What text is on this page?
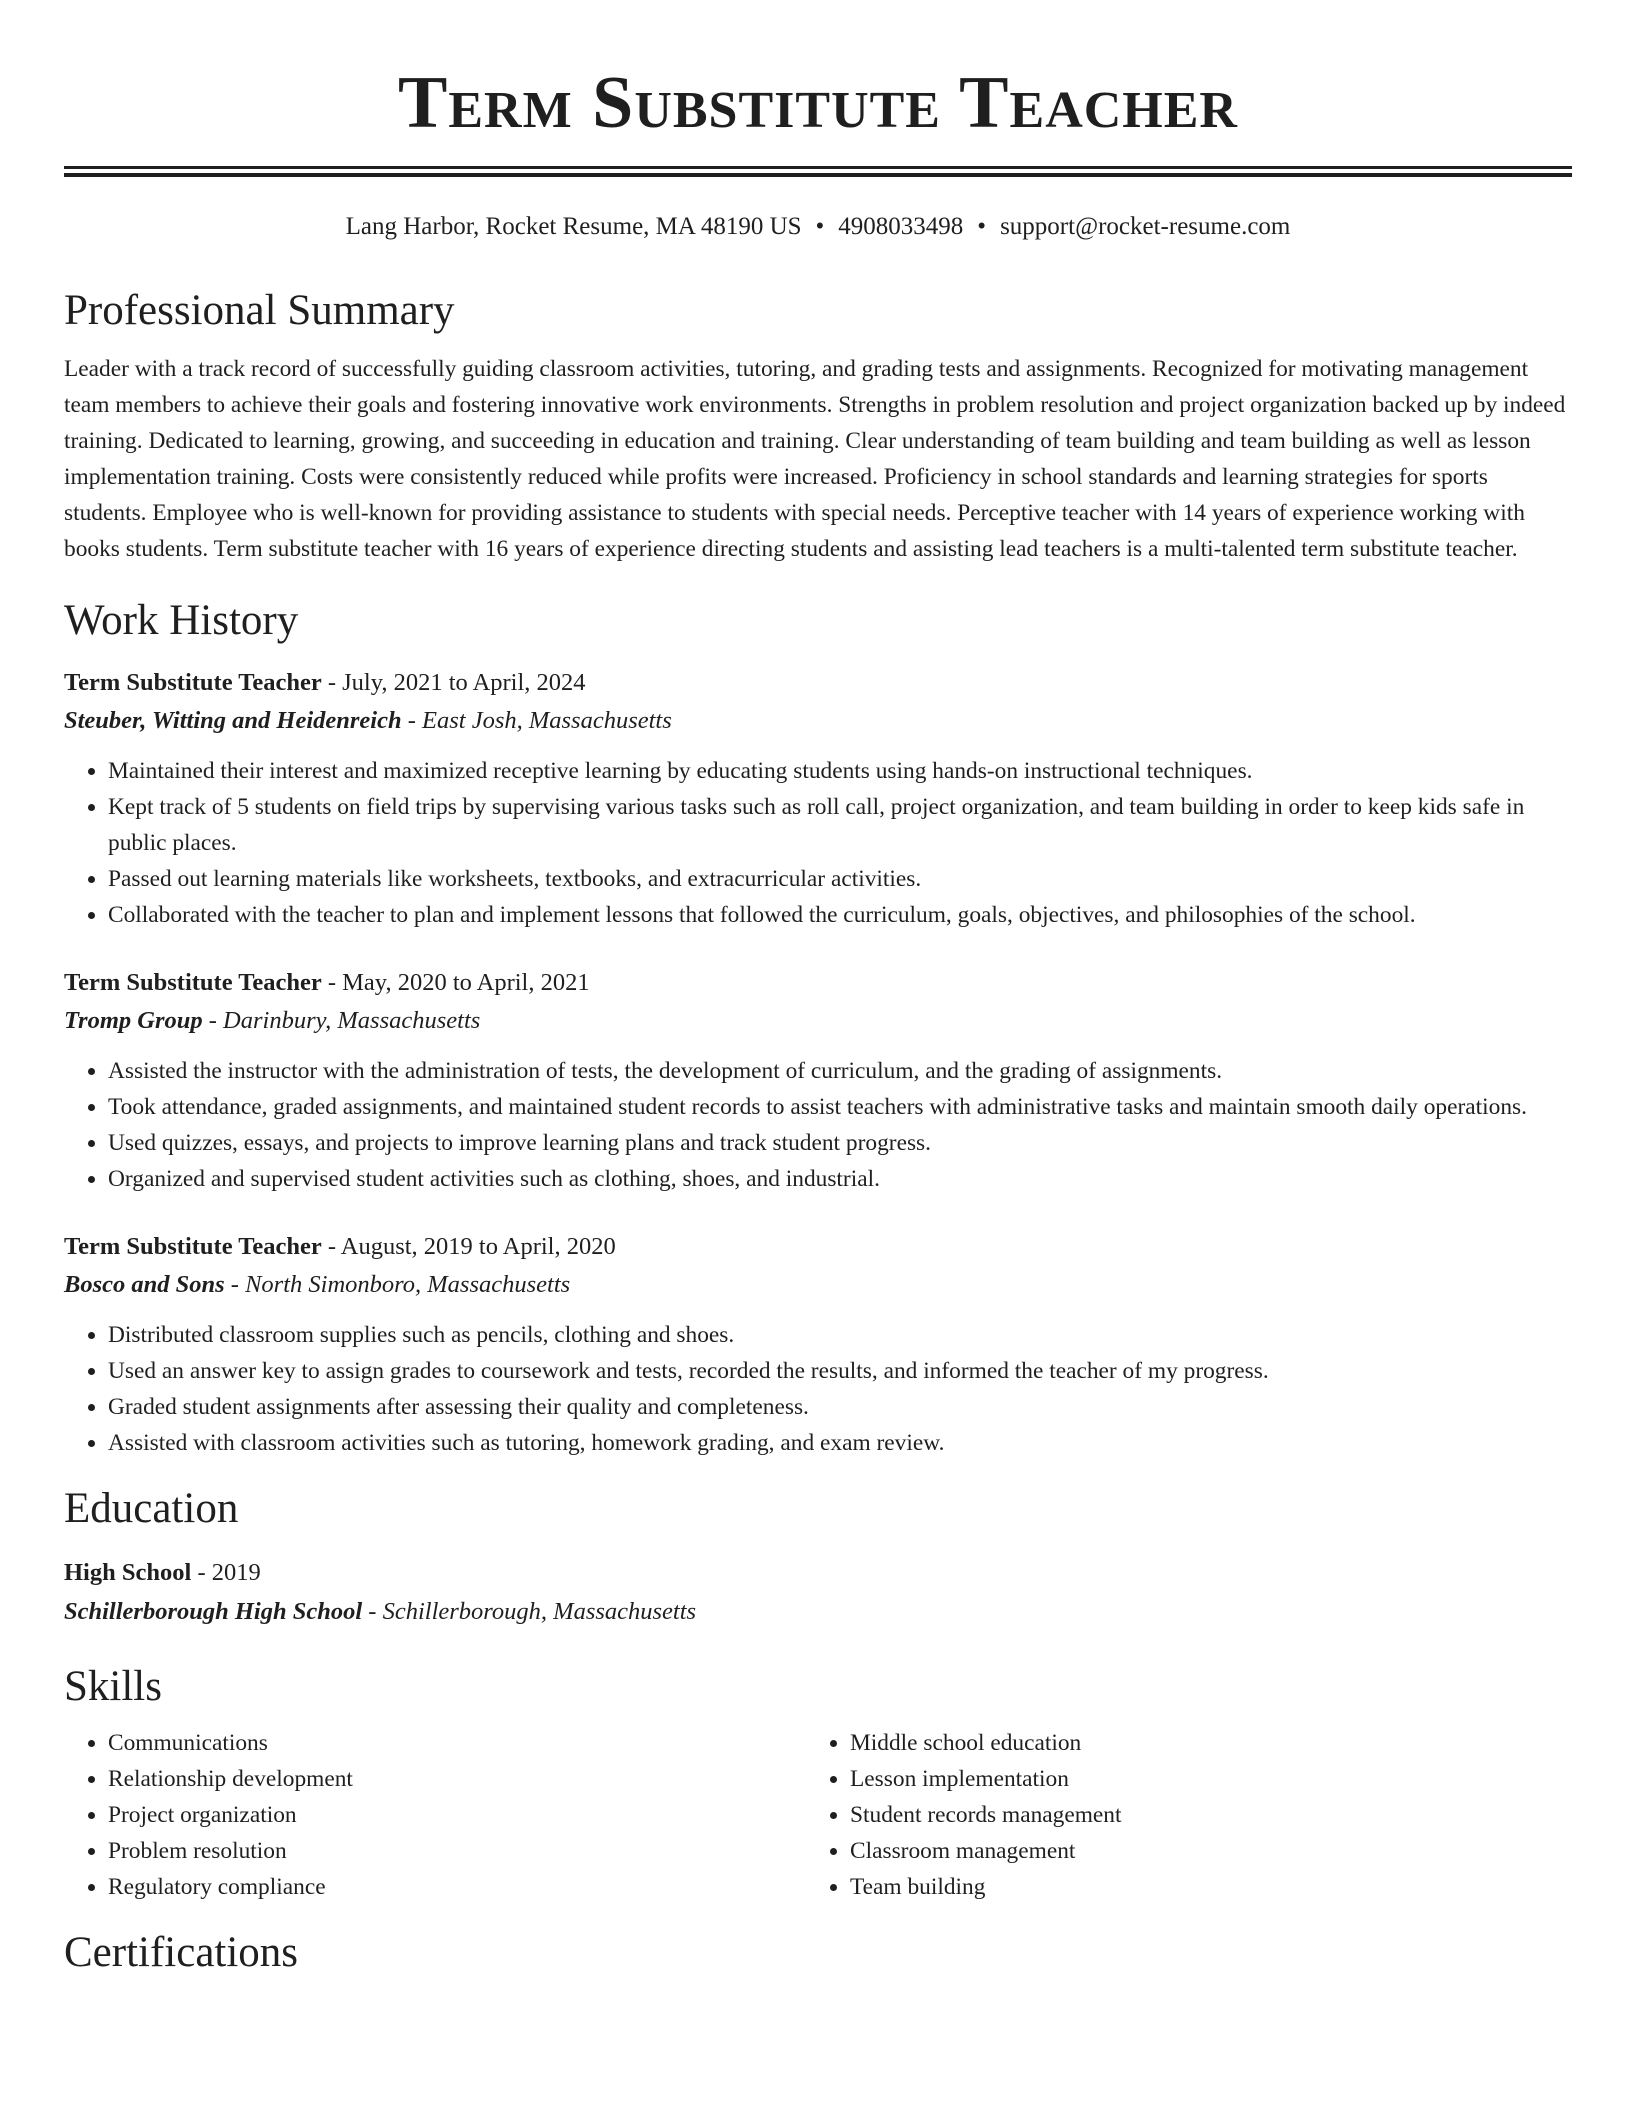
Term Substitute Teacher
Lang Harbor, Rocket Resume, MA 48190 US • 4908033498 • support@rocket-resume.com
Professional Summary

Leader with a track record of successfully guiding classroom activities, tutoring, and grading tests and assignments. Recognized for motivating management team members to achieve their goals and fostering innovative work environments. Strengths in problem resolution and project organization backed up by indeed training. Dedicated to learning, growing, and succeeding in education and training. Clear understanding of team building and team building as well as lesson implementation training. Costs were consistently reduced while profits were increased. Proficiency in school standards and learning strategies for sports students. Employee who is well-known for providing assistance to students with special needs. Perceptive teacher with 14 years of experience working with books students. Term substitute teacher with 16 years of experience directing students and assisting lead teachers is a multi-talented term substitute teacher.

Work History
Term Substitute Teacher - July, 2021 to April, 2024
Steuber, Witting and Heidenreich - East Josh, Massachusetts
• Maintained their interest and maximized receptive learning by educating students using hands-on instructional techniques.
• Kept track of 5 students on field trips by supervising various tasks such as roll call, project organization, and team building in order to keep kids safe in public places.
• Passed out learning materials like worksheets, textbooks, and extracurricular activities.
• Collaborated with the teacher to plan and implement lessons that followed the curriculum, goals, objectives, and philosophies of the school.
Term Substitute Teacher - May, 2020 to April, 2021
Tromp Group - Darinbury, Massachusetts
• Assisted the instructor with the administration of tests, the development of curriculum, and the grading of assignments.
• Took attendance, graded assignments, and maintained student records to assist teachers with administrative tasks and maintain smooth daily operations.
• Used quizzes, essays, and projects to improve learning plans and track student progress.
• Organized and supervised student activities such as clothing, shoes, and industrial.
Term Substitute Teacher - August, 2019 to April, 2020
Bosco and Sons - North Simonboro, Massachusetts
• Distributed classroom supplies such as pencils, clothing and shoes.
• Used an answer key to assign grades to coursework and tests, recorded the results, and informed the teacher of my progress.
• Graded student assignments after assessing their quality and completeness.
• Assisted with classroom activities such as tutoring, homework grading, and exam review.
Education
High School - 2019
Schillerborough High School - Schillerborough, Massachusetts
Skills
• Communications
• Relationship development
• Project organization
• Problem resolution
• Regulatory compliance
• Middle school education
• Lesson implementation
• Student records management
• Classroom management
• Team building
Certifications
